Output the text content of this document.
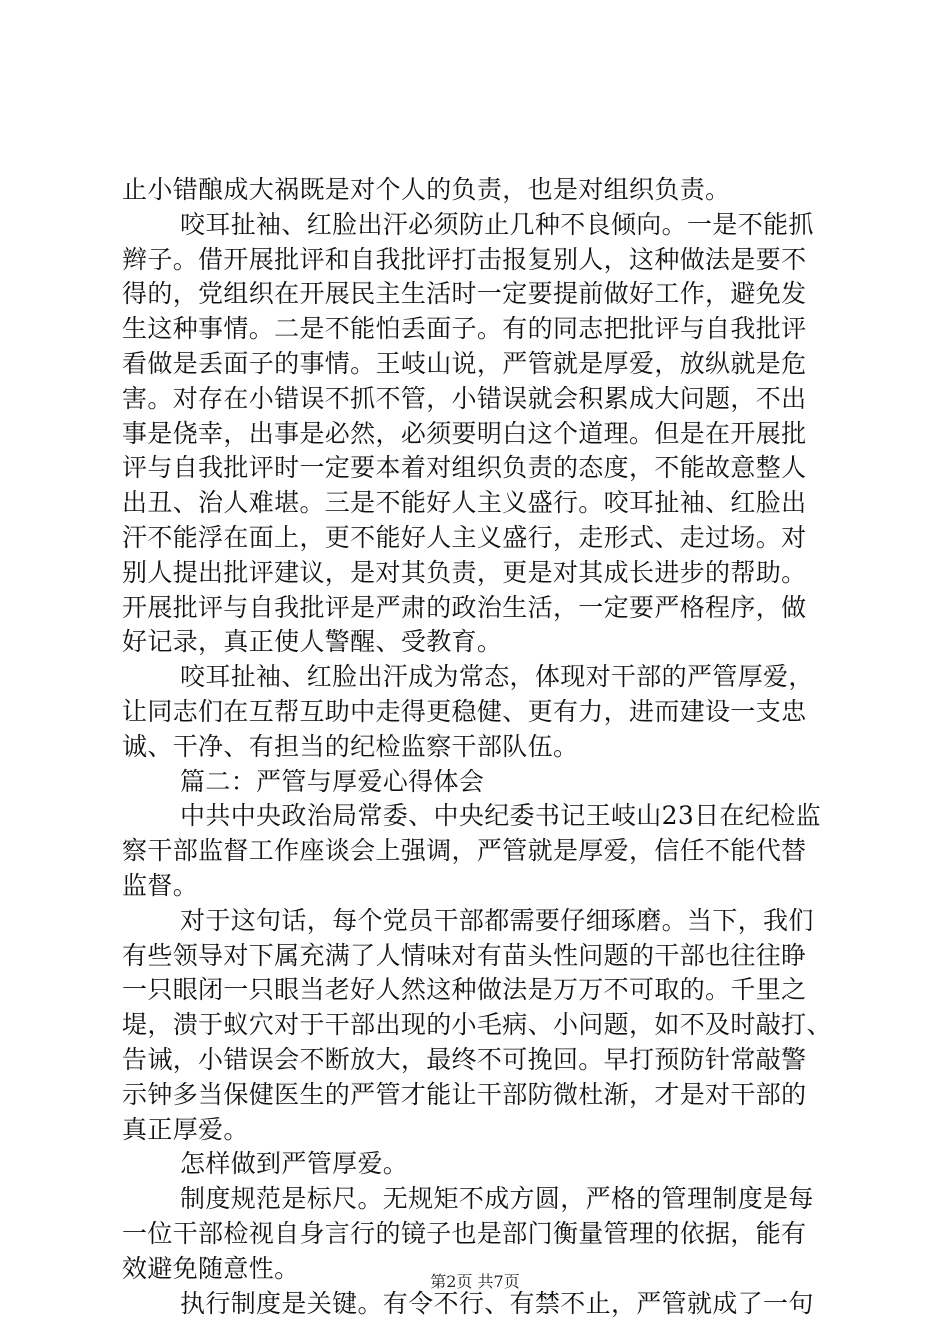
止小错酿成大祸既是对个人的负责，也是对组织负责。
咬耳扯袖、红脸出汗必须防止几种不良倾向。一是不能抓
辫子。借开展批评和自我批评打击报复别人，这种做法是要不
得的，党组织在开展民主生活时一定要提前做好工作，避免发
生这种事情。二是不能怕丢面子。有的同志把批评与自我批评
看做是丢面子的事情。王岐山说，严管就是厚爱，放纵就是危
害。对存在小错误不抓不管，小错误就会积累成大问题，不出
事是侥幸，出事是必然，必须要明白这个道理。但是在开展批
评与自我批评时一定要本着对组织负责的态度，不能故意整人
出丑、治人难堪。三是不能好人主义盛行。咬耳扯袖、红脸出
汗不能浮在面上，更不能好人主义盛行，走形式、走过场。对
别人提出批评建议，是对其负责，更是对其成长进步的帮助。
开展批评与自我批评是严肃的政治生活，一定要严格程序，做
好记录，真正使人警醒、受教育。
咬耳扯袖、红脸出汗成为常态，体现对干部的严管厚爱，
让同志们在互帮互助中走得更稳健、更有力，进而建设一支忠
诚、干净、有担当的纪检监察干部队伍。
篇二：严管与厚爱心得体会
中共中央政治局常委、中央纪委书记王岐山23日在纪检监
察干部监督工作座谈会上强调，严管就是厚爱，信任不能代替
监督。
对于这句话，每个党员干部都需要仔细琢磨。当下，我们
有些领导对下属充满了人情味对有苗头性问题的干部也往往睁
一只眼闭一只眼当老好人然这种做法是万万不可取的。千里之
堤，溃于蚁穴对于干部出现的小毛病、小问题，如不及时敲打、
告诫，小错误会不断放大，最终不可挽回。早打预防针常敲警
示钟多当保健医生的严管才能让干部防微杜渐，才是对干部的
真正厚爱。
怎样做到严管厚爱。
制度规范是标尺。无规矩不成方圆，严格的管理制度是每
一位干部检视自身言行的镜子也是部门衡量管理的依据，能有
效避免随意性。
执行制度是关键。有令不行、有禁不止，严管就成了一句
第2页 共7页
